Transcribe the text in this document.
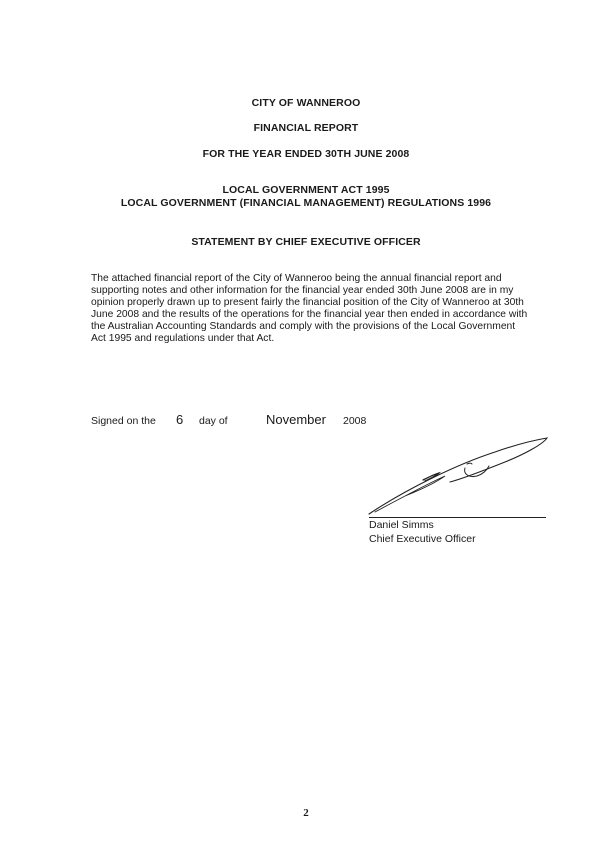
CITY OF WANNEROO
FINANCIAL REPORT
FOR THE YEAR ENDED 30TH JUNE 2008
LOCAL GOVERNMENT ACT 1995
LOCAL GOVERNMENT (FINANCIAL MANAGEMENT) REGULATIONS 1996
STATEMENT BY CHIEF EXECUTIVE OFFICER

The attached financial report of the City of Wanneroo being the annual financial report and supporting notes and other information for the financial year ended 30th June 2008 are in my opinion properly drawn up to present fairly the financial position of the City of Wanneroo at 30th June 2008 and the results of the operations for the financial year then ended in accordance with the Australian Accounting Standards and comply with the provisions of the Local Government Act 1995 and regulations under that Act.

Signed on the 6 day of	November 2008
Daniel Simms
Chief Executive Officer
2
